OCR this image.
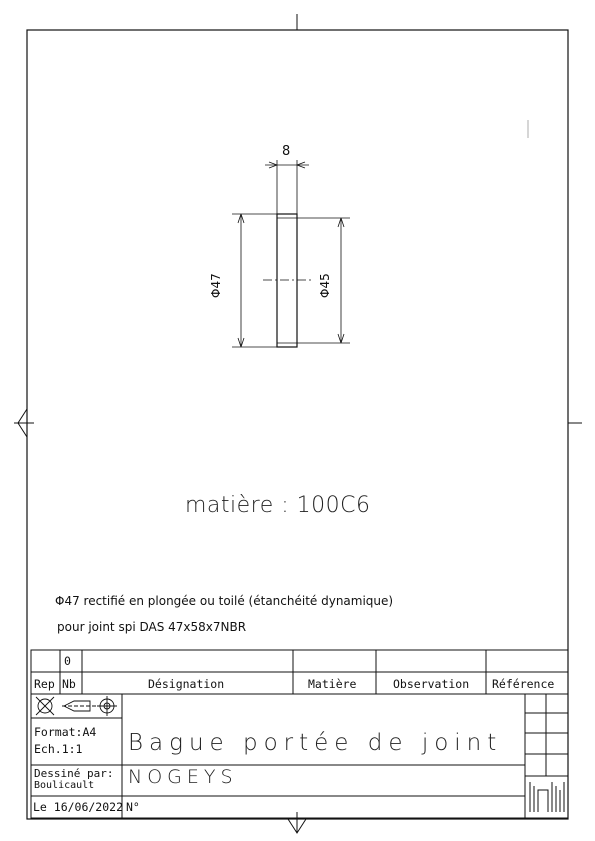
8
Φ47	Φ45
matière : 100C6
Φ47 rectifié en plongée ou toilé (étanchéité dynamique)
pour joint spi DAS 47x58x7NBR
0
Rep Nb	Désignation	Matière	Observation Référence
Format:A4
Ech.1:1 Bague portée de joint
Dessiné par:
Boulicault NOGEYS
Le 16/06/2022 N°
